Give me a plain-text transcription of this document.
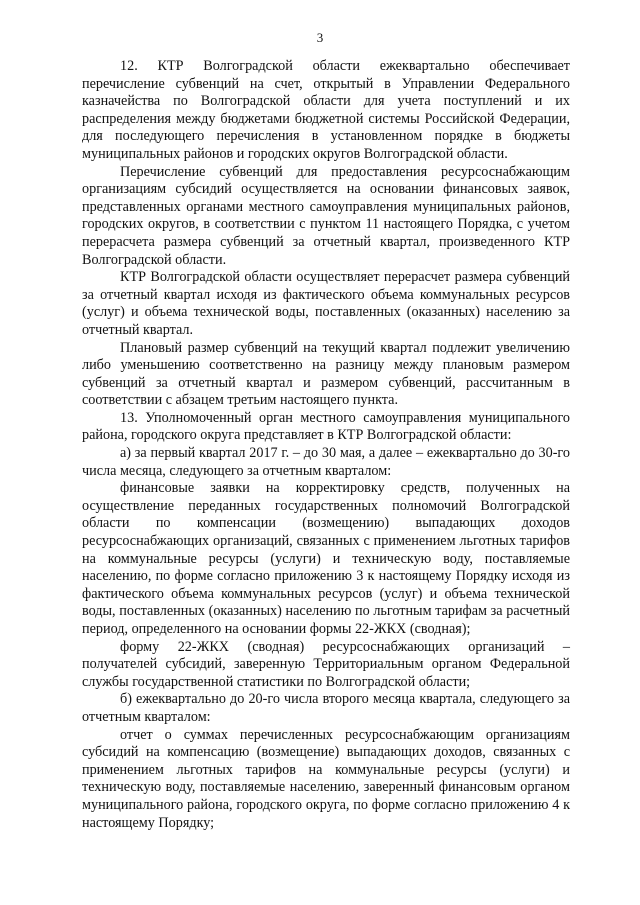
3

12. КТР Волгоградской области ежеквартально обеспечивает перечисление субвенций на счет, открытый в Управлении Федерального казначейства по Волгоградской области для учета поступлений и их распределения между бюджетами бюджетной системы Российской Федерации, для последующего перечисления в установленном порядке в бюджеты муниципальных районов и городских округов Волгоградской области.

Перечисление субвенций для предоставления ресурсоснабжающим организациям субсидий осуществляется на основании финансовых заявок, представленных органами местного самоуправления муниципальных районов, городских округов, в соответствии с пунктом 11 настоящего Порядка, с учетом перерасчета размера субвенций за отчетный квартал, произведенного КТР Волгоградской области.

КТР Волгоградской области осуществляет перерасчет размера субвенций за отчетный квартал исходя из фактического объема коммунальных ресурсов (услуг) и объема технической воды, поставленных (оказанных) населению за отчетный квартал.

Плановый размер субвенций на текущий квартал подлежит увеличению либо уменьшению соответственно на разницу между плановым размером субвенций за отчетный квартал и размером субвенций, рассчитанным в соответствии с абзацем третьим настоящего пункта.

13. Уполномоченный орган местного самоуправления муниципального района, городского округа представляет в КТР Волгоградской области:

а) за первый квартал 2017 г. – до 30 мая, а далее – ежеквартально до 30-го числа месяца, следующего за отчетным кварталом:

финансовые заявки на корректировку средств, полученных на осуществление переданных государственных полномочий Волгоградской области по компенсации (возмещению) выпадающих доходов ресурсоснабжающих организаций, связанных с применением льготных тарифов на коммунальные ресурсы (услуги) и техническую воду, поставляемые населению, по форме согласно приложению 3 к настоящему Порядку исходя из фактического объема коммунальных ресурсов (услуг) и объема технической воды, поставленных (оказанных) населению по льготным тарифам за расчетный период, определенного на основании формы 22-ЖКХ (сводная);

форму 22-ЖКХ (сводная) ресурсоснабжающих организаций – получателей субсидий, заверенную Территориальным органом Федеральной службы государственной статистики по Волгоградской области;

б) ежеквартально до 20-го числа второго месяца квартала, следующего за отчетным кварталом:

отчет о суммах перечисленных ресурсоснабжающим организациям субсидий на компенсацию (возмещение) выпадающих доходов, связанных с применением льготных тарифов на коммунальные ресурсы (услуги) и техническую воду, поставляемые населению, заверенный финансовым органом муниципального района, городского округа, по форме согласно приложению 4 к настоящему Порядку;
